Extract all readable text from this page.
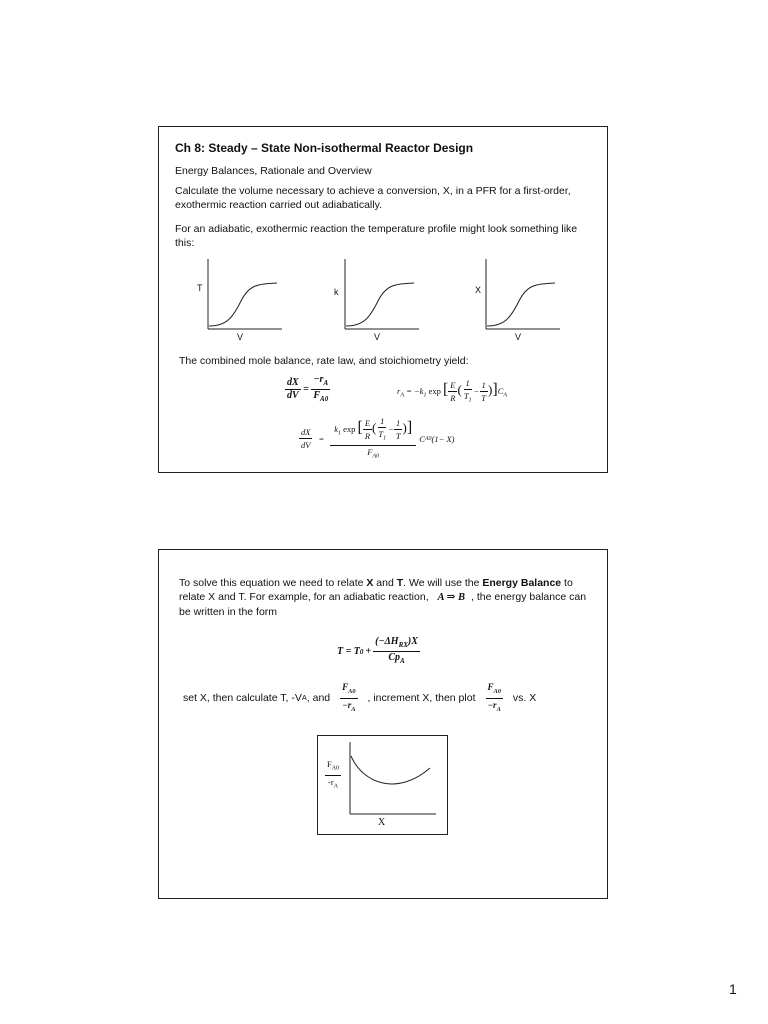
Ch 8: Steady – State Non-isothermal Reactor Design
Energy Balances, Rationale and Overview
Calculate the volume necessary to achieve a conversion, X, in a PFR for a first-order, exothermic reaction carried out adiabatically.
For an adiabatic, exothermic reaction the temperature profile might look something like this:
T
V
k
V
X
V
The combined mole balance, rate law, and stoichiometry yield:
$\frac{dX}{dV} = \frac{-r_A}{F_{A0}}$	$r_A = -k_1$ exp [ $\frac{E}{R}$ ( $\frac{1}{T_1} - \frac{1}{T} )]C_A$
$\frac{dX}{dV} = \frac{k_1 \exp [ \frac{E}{R} ( \frac{1}{T_1} - \frac{1}{T} )]}{F_{A0}}$ C A0 (1− X)
To solve this equation we need to relate X and T. We will use the Energy Balance to relate X and T. For example, for an adiabatic reaction, A ⇒ B , the energy balance can be written in the form
T = T $0 + \frac{(-\Delta H_{RX})X}{Cp_A}$
set X, then calculate T, -V A , and $\frac{F_{A0}}{-r_A}$ , increment X, then plot $\frac{F_{A0}}{-r_A}$ vs. X
$\frac{F_{A0}}{-r_A}$
X
1
